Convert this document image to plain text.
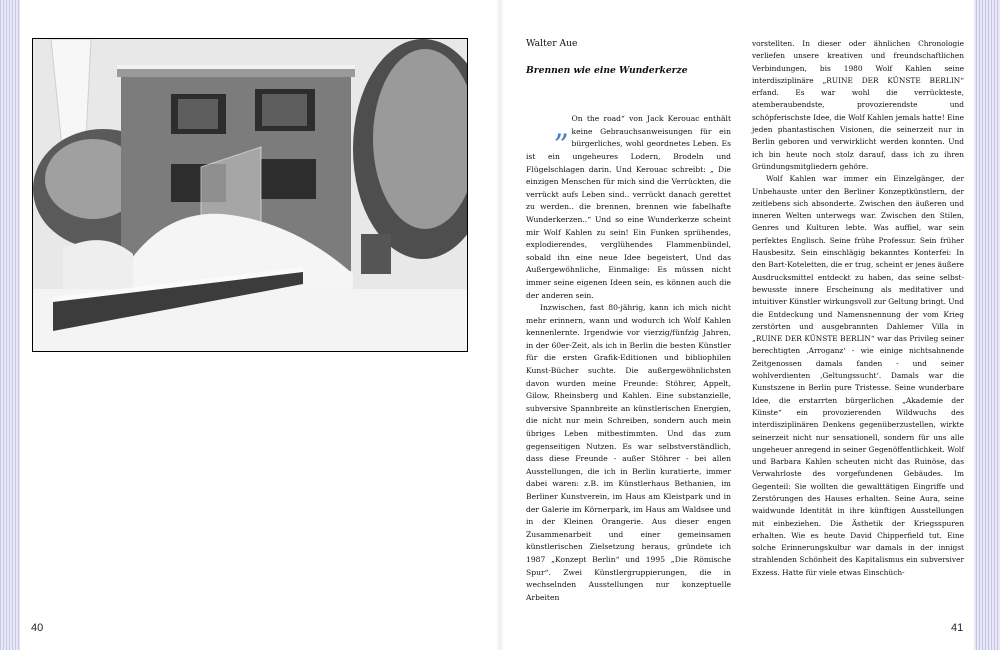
Walter Aue
Brennen wie eine Wunderkerze
„ On the road“ von Jack Kerouac enthält keine Gebrauchsanweisungen für ein bürgerliches, wohl geordnetes Leben. Es ist ein ungeheures Lodern, Brodeln und Flügelschlagen darin. Und Kerouac schreibt: „ Die einzigen Menschen für mich sind die Verrückten, die verrückt aufs Leben sind.. verrückt danach gerettet zu werden.. die brennen, brennen wie fabelhafte Wunderkerzen..“ Und so eine Wunderkerze scheint mir Wolf Kahlen zu sein! Ein Funken sprühendes, explodierendes, verglühendes Flammenbündel, sobald ihn eine neue Idee begeistert, Und das Außergewöhnliche, Einmalige: Es müssen nicht immer seine eigenen Ideen sein, es können auch die der anderen sein.

Inzwischen, fast 80-jährig, kann ich mich nicht mehr erinnern, wann und wodurch ich Wolf Kahlen kennenlernte. Irgendwie vor vierzig/fünfzig Jahren, in der 60er-Zeit, als ich in Berlin die besten Künstler für die ersten Grafik-Editionen und bibliophilen Kunst-Bücher suchte. Die außergewöhnlichsten davon wurden meine Freunde: Stöhrer, Appelt, Gilow, Rheinsberg und Kahlen. Eine substanzielle, subversive Spannbreite an künstlerischen Energien, die nicht nur mein Schreiben, sondern auch mein übriges Leben mitbestimmten. Und das zum gegenseitigen Nutzen. Es war selbstverständlich, dass diese Freunde - außer Stöhrer - bei allen Ausstellungen, die ich in Berlin kuratierte, immer dabei waren: z.B. im Künstlerhaus Bethanien, im Berliner Kunstverein, im Haus am Kleistpark und in der Galerie im Körnerpark, im Haus am Waldsee und in der Kleinen Orangerie. Aus dieser engen Zusammenarbeit und einer gemeinsamen künstlerischen Zielsetzung heraus, gründete ich 1987 „Konzept Berlin“ und 1995 „Die Römische Spur“. Zwei Künstlergruppierungen, die in wechselnden Ausstellungen nur konzeptuelle Arbeiten

vorstellten. In dieser oder ähnlichen Chronologie verliefen unsere kreativen und freundschaftlichen Verbindungen, bis 1980 Wolf Kahlen seine interdisziplinäre „RUINE DER KÜNSTE BERLIN“ erfand. Es war wohl die verrückteste, atemberaubendste, provozierendste und schöpferischste Idee, die Wolf Kahlen jemals hatte! Eine jeden phantastischen Visionen, die seinerzeit nur in Berlin geboren und verwirklicht werden konnten. Und ich bin heute noch stolz darauf, dass ich zu ihren Gründungsmitgliedern gehöre.

Wolf Kahlen war immer ein Einzelgänger, der Unbehauste unter den Berliner Konzeptkünstlern, der zeitlebens sich absonderte. Zwischen den äußeren und inneren Welten unterwegs war. Zwischen den Stilen, Genres und Kulturen lebte. Was auffiel, war sein perfektes Englisch. Seine frühe Professur. Sein früher Hausbesitz. Sein einschlägig bekanntes Konterfei: In den Bart-Koteletten, die er trug, scheint er jenes äußere Ausdrucksmittel entdeckt zu haben, das seine selbst-bewusste innere Erscheinung als meditativer und intuitiver Künstler wirkungsvoll zur Geltung bringt. Und die Entdeckung und Namensnennung der vom Krieg zerstörten und ausgebrannten Dahlemer Villa in „RUINE DER KÜNSTE BERLIN“ war das Privileg seiner berechtigten ‚Arroganz‘ - wie einige nichtsahnende Zeitgenossen damals fanden - und seiner wohlverdienten ‚Geltungssucht‘. Damals war die Kunstszene in Berlin pure Tristesse. Seine wunderbare Idee, die erstarrten bürgerlichen „Akademie der Künste“ ein provozierenden Wildwuchs des interdisziplinären Denkens gegenüberzustellen, wirkte seinerzeit nicht nur sensationell, sondern für uns alle ungeheuer anregend in seiner Gegenöffentlichkeit. Wolf und Barbara Kahlen scheuten nicht das Ruinöse, das Verwahrloste des vorgefundenen Gebäudes. Im Gegenteil: Sie wollten die gewalttätigen Eingriffe und Zerstörungen des Hauses erhalten. Seine Aura, seine waidwunde Identität in ihre künftigen Ausstellungen mit einbeziehen. Die Ästhetik der Kriegsspuren erhalten. Wie es heute David Chipperfield tut. Eine solche Erinnerungskultur war damals in der innigst strahlenden Schönheit des Kapitalismus ein subversiver Exzess. Hatte für viele etwas Einschüch-

40	41
